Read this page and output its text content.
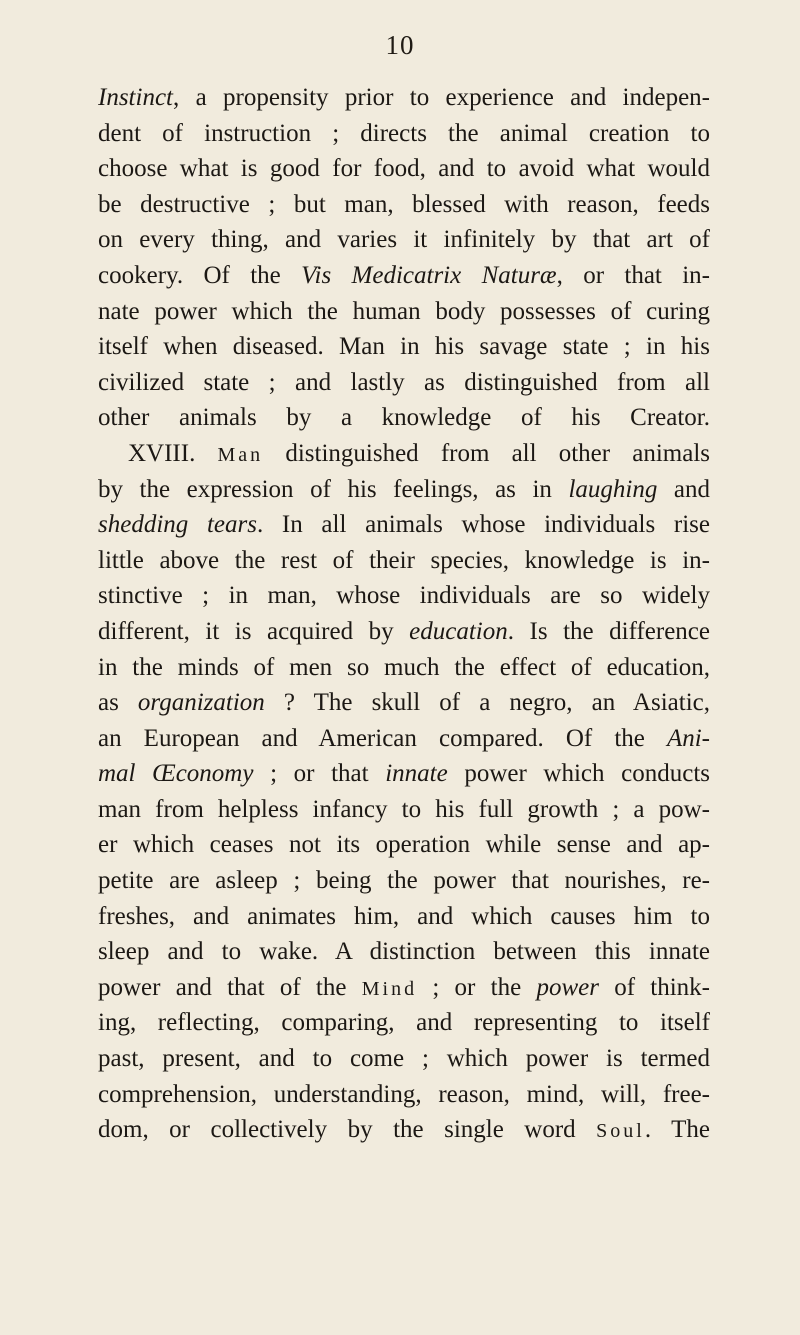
10
Instinct, a propensity prior to experience and indepen-
dent of instruction ; directs the animal creation to
choose what is good for food, and to avoid what would
be destructive ; but man, blessed with reason, feeds
on every thing, and varies it infinitely by that art of
cookery. Of the Vis Medicatrix Naturæ, or that in-
nate power which the human body possesses of curing
itself when diseased. Man in his savage state ; in his
civilized state ; and lastly as distinguished from all
other animals by a knowledge of his Creator.
XVIII. Man distinguished from all other animals
by the expression of his feelings, as in laughing and
shedding tears. In all animals whose individuals rise
little above the rest of their species, knowledge is in-
stinctive ; in man, whose individuals are so widely
different, it is acquired by education. Is the difference
in the minds of men so much the effect of education,
as organization ? The skull of a negro, an Asiatic,
an European and American compared. Of the Ani-
mal Œconomy ; or that innate power which conducts
man from helpless infancy to his full growth ; a pow-
er which ceases not its operation while sense and ap-
petite are asleep ; being the power that nourishes, re-
freshes, and animates him, and which causes him to
sleep and to wake. A distinction between this innate
power and that of the Mind ; or the power of think-
ing, reflecting, comparing, and representing to itself
past, present, and to come ; which power is termed
comprehension, understanding, reason, mind, will, free-
dom, or collectively by the single word Soul. The
